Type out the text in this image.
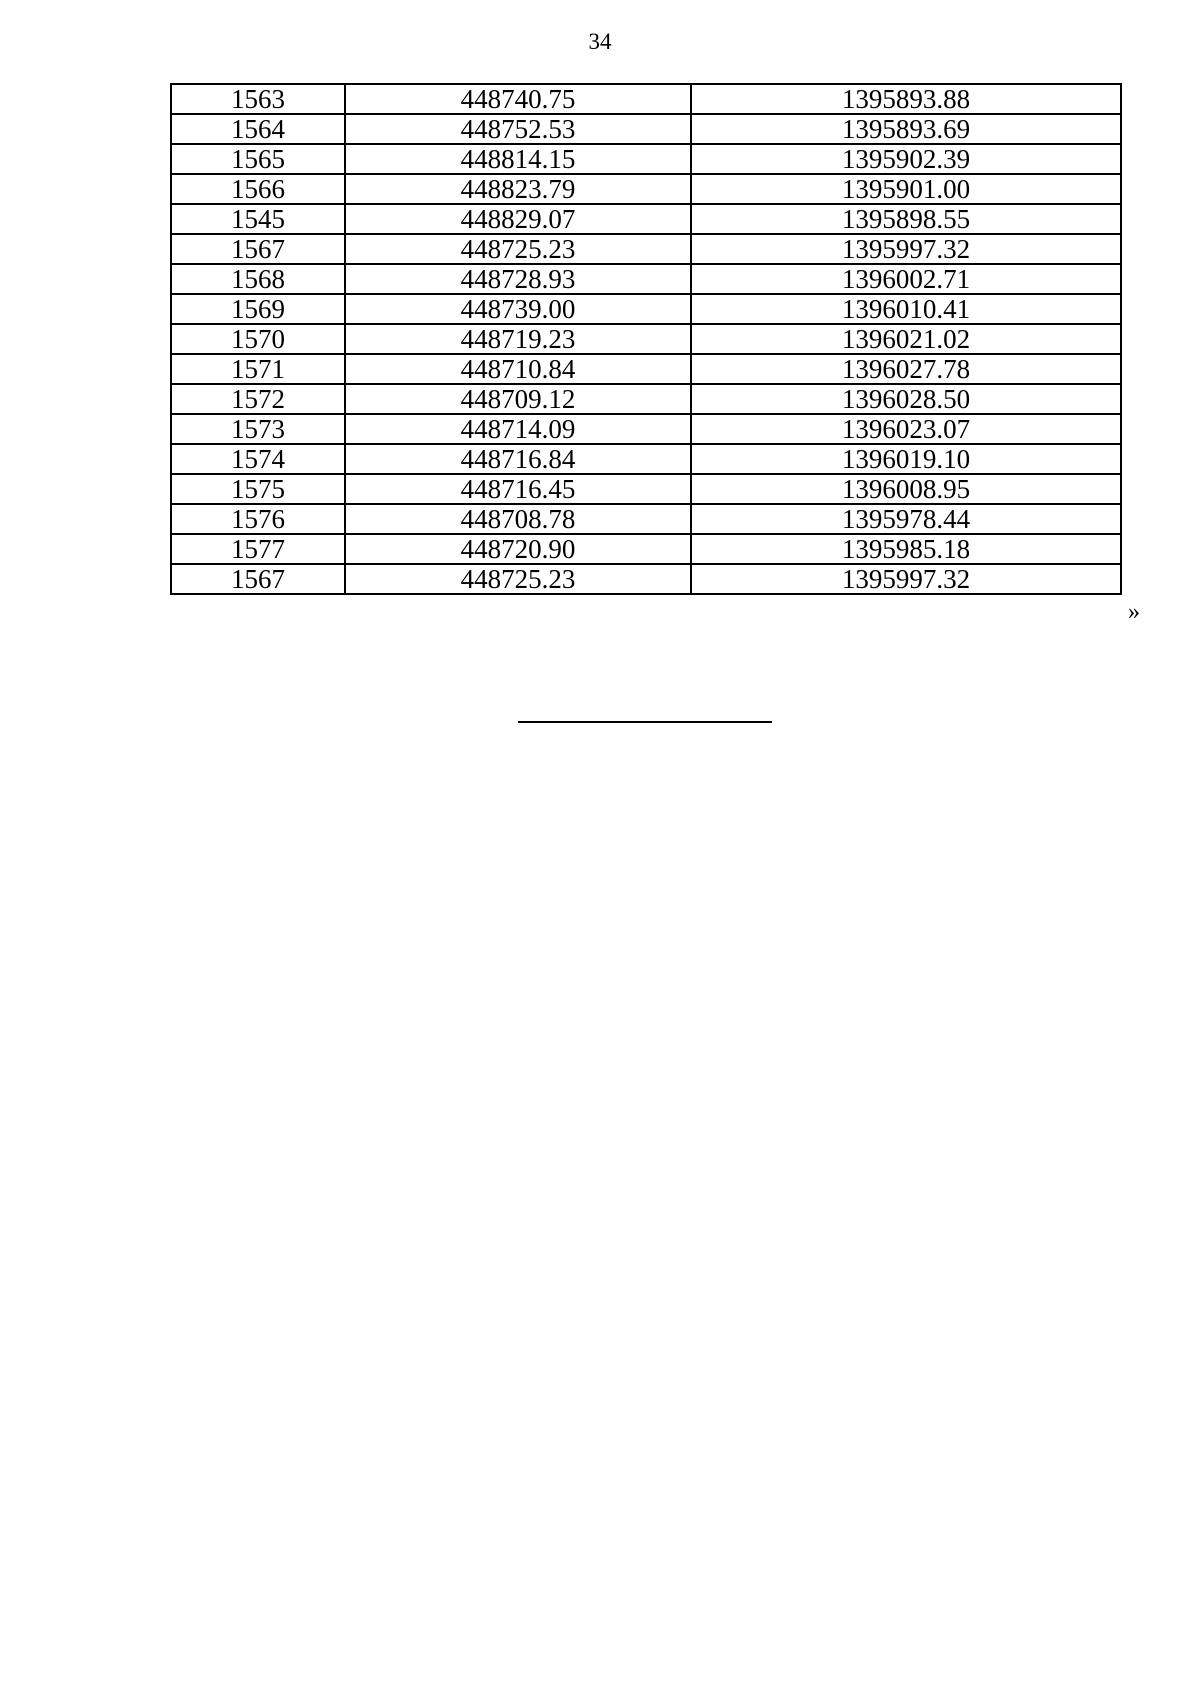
34
1563	448740.75	1395893.88
1564	448752.53	1395893.69
1565	448814.15	1395902.39
1566	448823.79	1395901.00
1545	448829.07	1395898.55
1567	448725.23	1395997.32
1568	448728.93	1396002.71
1569	448739.00	1396010.41
1570	448719.23	1396021.02
1571	448710.84	1396027.78
1572	448709.12	1396028.50
1573	448714.09	1396023.07
1574	448716.84	1396019.10
1575	448716.45	1396008.95
1576	448708.78	1395978.44
1577	448720.90	1395985.18
1567	448725.23	1395997.32
»
